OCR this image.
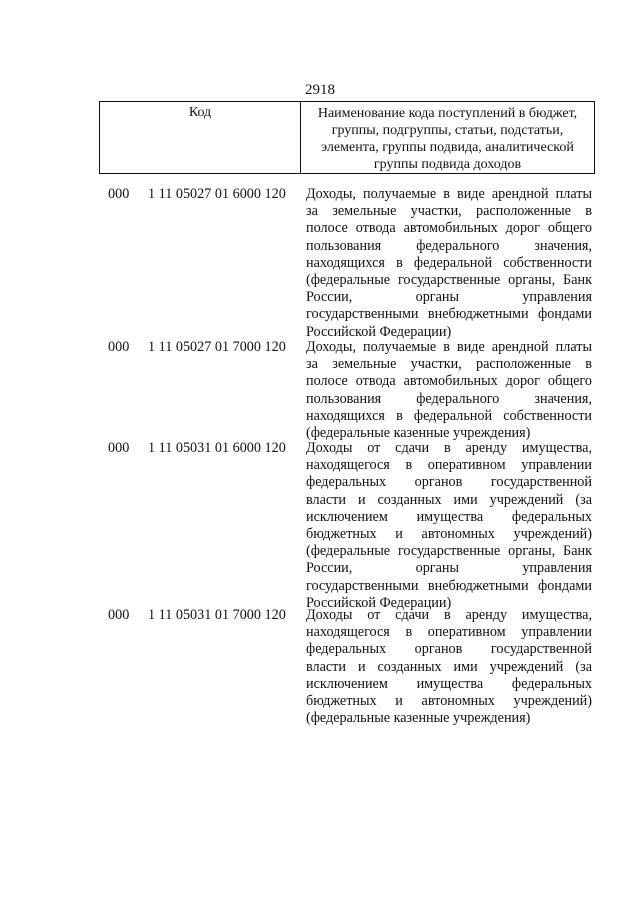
2918
Код	Наименование кода поступлений в бюджет,
группы, подгруппы, статьи, подстатьи,
элемента, группы подвида, аналитической
группы подвида доходов
000 1 11 05027 01 6000 120 Доходы, получаемые в виде арендной платы
за земельные участки, расположенные в
полосе отвода автомобильных дорог общего
пользования федерального значения,
находящихся в федеральной собственности
(федеральные государственные органы, Банк
России, органы управления
государственными внебюджетными фондами
Российской Федерации)
000 1 11 05027 01 7000 120 Доходы, получаемые в виде арендной платы
за земельные участки, расположенные в
полосе отвода автомобильных дорог общего
пользования федерального значения,
находящихся в федеральной собственности
(федеральные казенные учреждения)
000 1 11 05031 01 6000 120 Доходы от сдачи в аренду имущества,
находящегося в оперативном управлении
федеральных органов государственной
власти и созданных ими учреждений (за
исключением имущества федеральных
бюджетных и автономных учреждений)
(федеральные государственные органы, Банк
России, органы управления
государственными внебюджетными фондами
Российской Федерации)
000 1 11 05031 01 7000 120 Доходы от сдачи в аренду имущества,
находящегося в оперативном управлении
федеральных органов государственной
власти и созданных ими учреждений (за
исключением имущества федеральных
бюджетных и автономных учреждений)
(федеральные казенные учреждения)
